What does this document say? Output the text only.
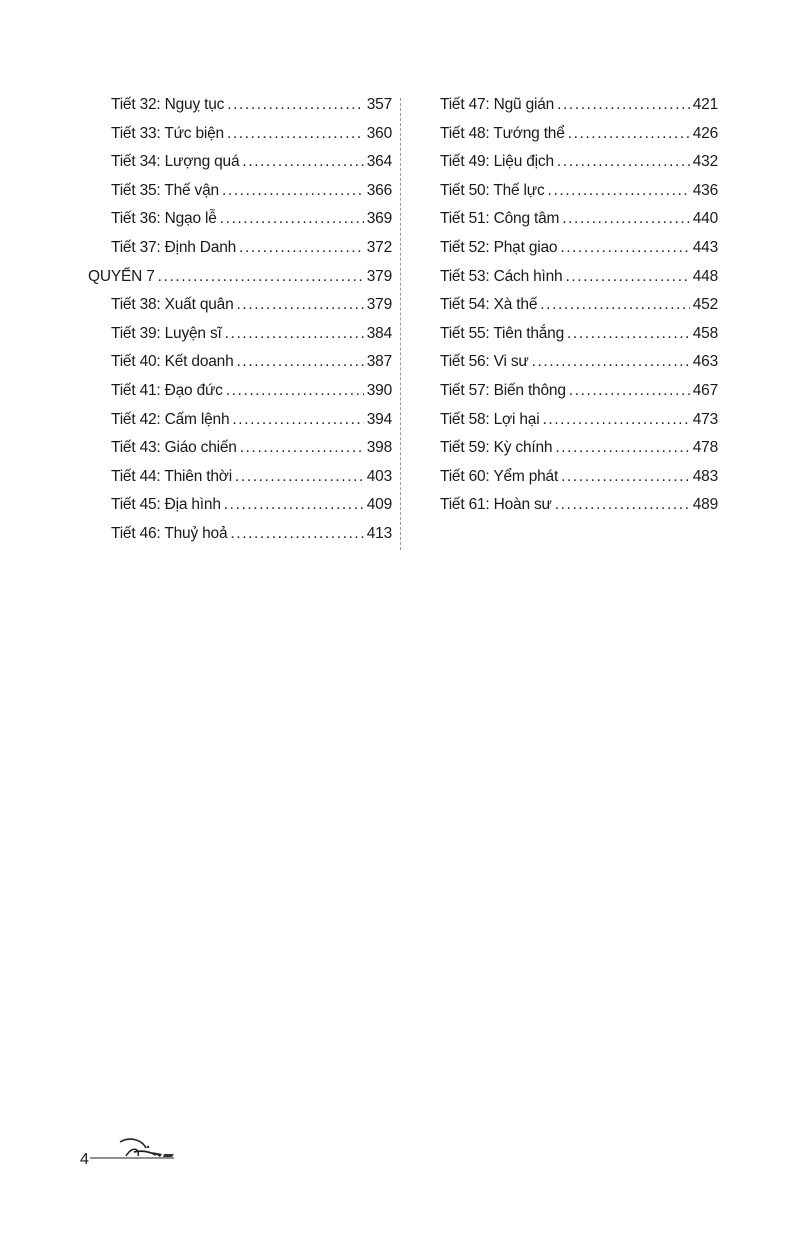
Tiết 32: Nguỵ tục .....	357
Tiết 33: Tức biện .....	360
Tiết 34: Lượng quá .....	364
Tiết 35: Thế vận .....	366
Tiết 36: Ngạo lễ .....	369
Tiết 37: Định Danh .....	372
QUYỂN 7 .....	379
Tiết 38: Xuất quân .....	379
Tiết 39: Luyện sĩ .....	384
Tiết 40: Kết doanh .....	387
Tiết 41: Đạo đức .....	390
Tiết 42: Cấm lệnh .....	394
Tiết 43: Giáo chiến .....	398
Tiết 44: Thiên thời .....	403
Tiết 45: Địa hình .....	409
Tiết 46: Thuỷ hoả .....	413
Tiết 47: Ngũ gián .....	421
Tiết 48: Tướng thể .....	426
Tiết 49: Liệu địch .....	432
Tiết 50: Thế lực .....	436
Tiết 51: Công tâm .....	440
Tiết 52: Phạt giao .....	443
Tiết 53: Cách hình .....	448
Tiết 54: Xà thế .....	452
Tiết 55: Tiên thắng .....	458
Tiết 56: Vi sư .....	463
Tiết 57: Biến thông .....	467
Tiết 58: Lợi hại .....	473
Tiết 59: Kỳ chính .....	478
Tiết 60: Yểm phát .....	483
Tiết 61: Hoàn sư .....	489
4
